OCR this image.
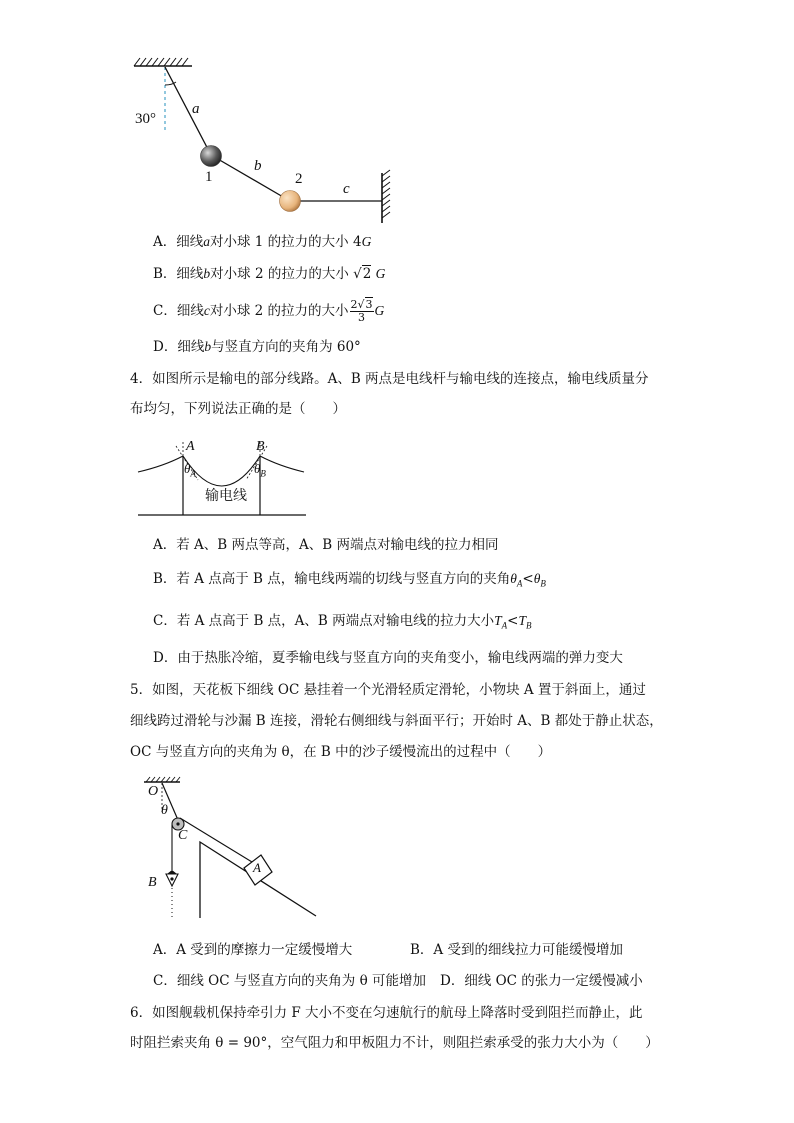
30°
a
b
c
1	2
A．细线a对小球 1 的拉力的大小 4G
B．细线b对小球 2 的拉力的大小 √2 G
C．细线c对小球 2 的拉力的大小 $\frac{2√3}{3}$ G
D．细线b与竖直方向的夹角为 60°
4．如图所示是输电的部分线路。A、B 两点是电线杆与输电线的连接点，输电线质量分
布均匀，下列说法正确的是（　　）
A	B
$\theta_A$	$\theta_B$
输电线
A．若 A、B 两点等高，A、B 两端点对输电线的拉力相同
B．若 A 点高于 B 点，输电线两端的切线与竖直方向的夹角$\theta_A<\theta_B$
C．若 A 点高于 B 点，A、B 两端点对输电线的拉力大小$T_A<T_B$
D．由于热胀冷缩，夏季输电线与竖直方向的夹角变小，输电线两端的弹力变大
5．如图，天花板下细线 OC 悬挂着一个光滑轻质定滑轮，小物块 A 置于斜面上，通过
细线跨过滑轮与沙漏 B 连接，滑轮右侧细线与斜面平行；开始时 A、B 都处于静止状态，
OC 与竖直方向的夹角为 θ，在 B 中的沙子缓慢流出的过程中（　　）
O
θ
C
A
B
A．A 受到的摩擦力一定缓慢增大	B．A 受到的细线拉力可能缓慢增加
C．细线 OC 与竖直方向的夹角为 θ 可能增加 D．细线 OC 的张力一定缓慢减小
6．如图舰载机保持牵引力 F 大小不变在匀速航行的航母上降落时受到阻拦而静止，此
时阻拦索夹角 θ = 90°，空气阻力和甲板阻力不计，则阻拦索承受的张力大小为（　　）
